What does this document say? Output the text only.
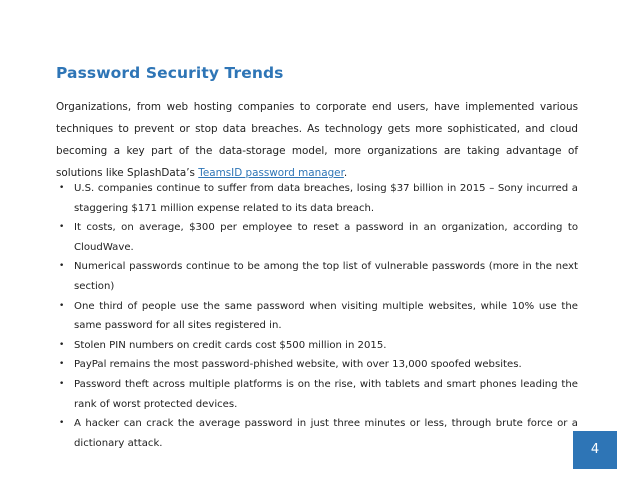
Password Security Trends

Organizations, from web hosting companies to corporate end users, have implemented various techniques to prevent or stop data breaches. As technology gets more sophisticated, and cloud becoming a key part of the data-storage model, more organizations are taking advantage of solutions like SplashData’s TeamsID password manager.

• U.S. companies continue to suffer from data breaches, losing $37 billion in 2015 – Sony incurred a staggering $171 million expense related to its data breach.
• It costs, on average, $300 per employee to reset a password in an organization, according to CloudWave.
• Numerical passwords continue to be among the top list of vulnerable passwords (more in the next section)
• One third of people use the same password when visiting multiple websites, while 10% use the same password for all sites registered in.
• Stolen PIN numbers on credit cards cost $500 million in 2015.
• PayPal remains the most password-phished website, with over 13,000 spoofed websites.
• Password theft across multiple platforms is on the rise, with tablets and smart phones leading the rank of worst protected devices.
• A hacker can crack the average password in just three minutes or less, through brute force or a dictionary attack.	4
